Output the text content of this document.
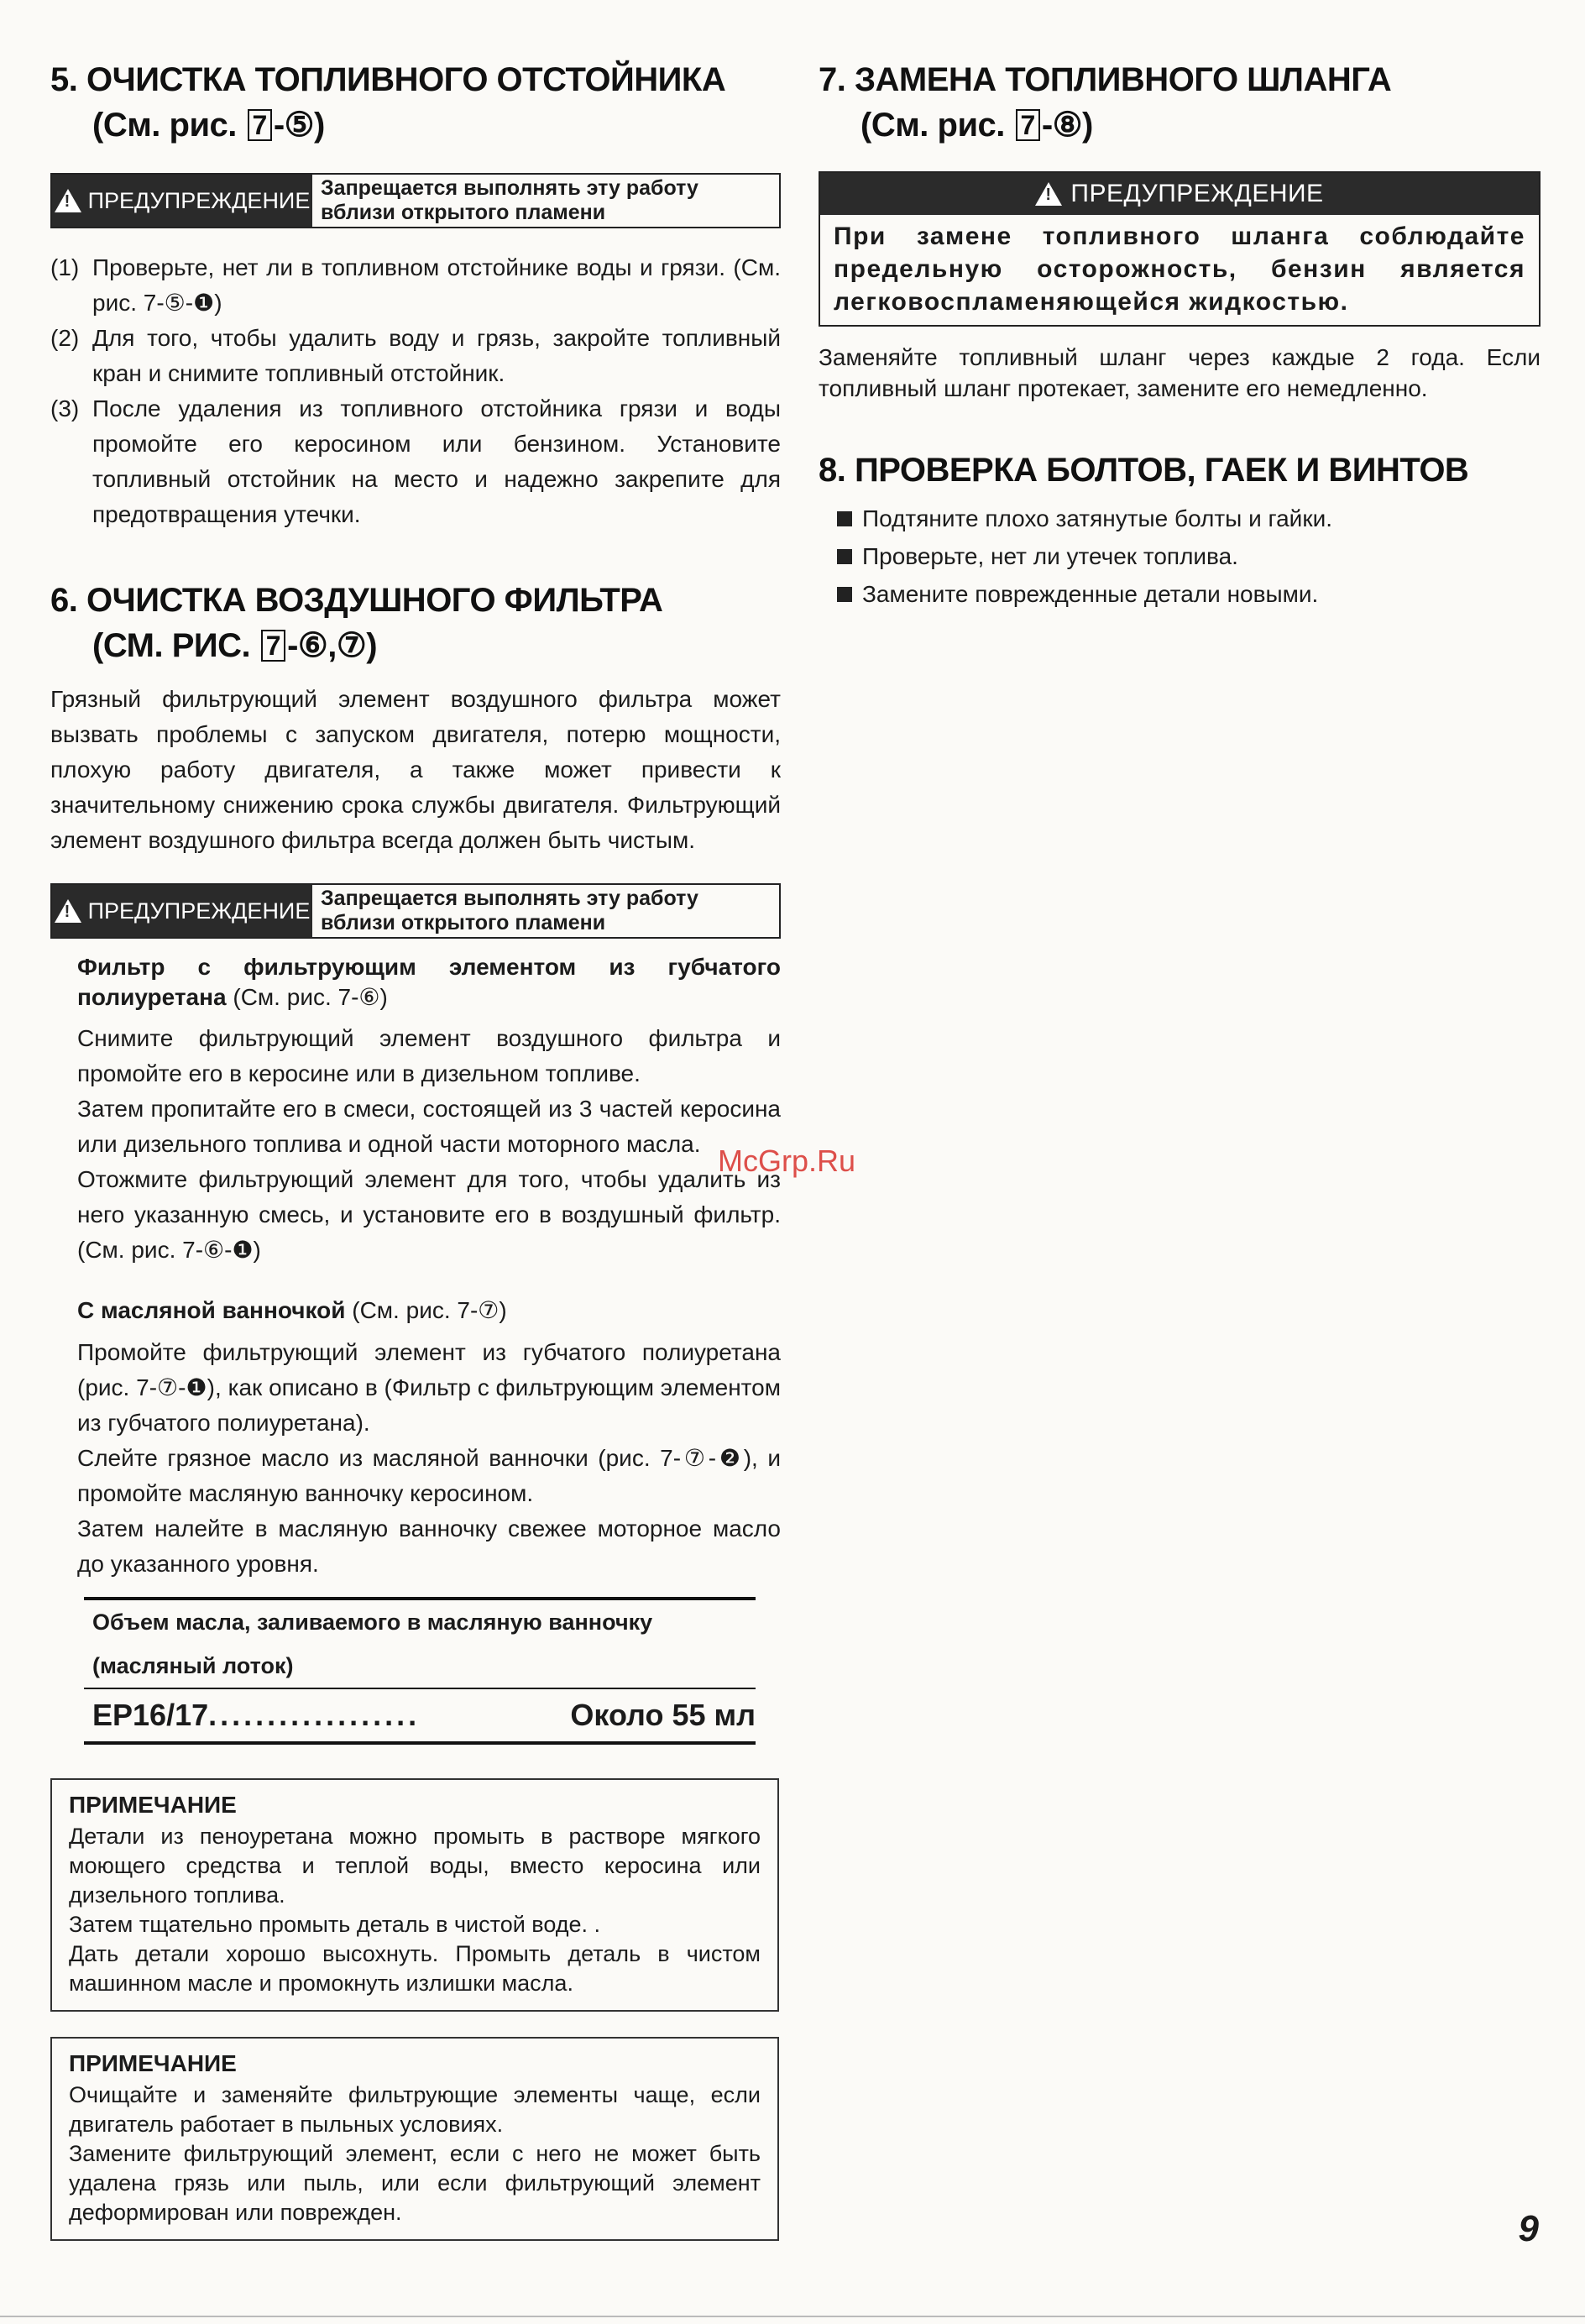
5. ОЧИСТКА ТОПЛИВНОГО ОТСТОЙНИКА
(См. рис. 7 -⑤)
!
ПРЕДУПРЕЖДЕНИЕ Запрещается выполнять эту работу вблизи открытого пламени
(1) Проверьте, нет ли в топливном отстойнике воды и грязи. (См. рис. 7-⑤-❶)
(2) Для того, чтобы удалить воду и грязь, закройте топливный кран и снимите топливный отстойник.
(3) После удаления из топливного отстойника грязи и воды промойте его керосином или бензином. Установите топливный отстойник на место и надежно закрепите для предотвращения утечки.
6. ОЧИСТКА ВОЗДУШНОГО ФИЛЬТРА
(СМ. РИС. 7 -⑥,⑦)

Грязный фильтрующий элемент воздушного фильтра может вызвать проблемы с запуском двигателя, потерю мощности, плохую работу двигателя, а также может привести к значительному снижению срока службы двигателя. Фильтрующий элемент воздушного фильтра всегда должен быть чистым.

!
ПРЕДУПРЕЖДЕНИЕ Запрещается выполнять эту работу вблизи открытого пламени

Фильтр с фильтрующим элементом из губчатого полиуретана (См. рис. 7-⑥)

Снимите фильтрующий элемент воздушного фильтра и промойте его в керосине или в дизельном топливе.

Затем пропитайте его в смеси, состоящей из 3 частей керосина или дизельного топлива и одной части моторного масла.

Отожмите фильтрующий элемент для того, чтобы удалить из него указанную смесь, и установите его в воздушный фильтр. (См. рис. 7-⑥-❶)

С масляной ванночкой (См. рис. 7-⑦)

Промойте фильтрующий элемент из губчатого полиуретана (рис. 7-⑦-❶), как описано в (Фильтр с фильтрующим элементом из губчатого полиуретана).

Слейте грязное масло из масляной ванночки (рис. 7-⑦-❷), и промойте масляную ванночку керосином.

Затем налейте в масляную ванночку свежее моторное масло до указанного уровня.

Объем масла, заливаемого в масляную ванночку (масляный лоток)
EP16/17 ..................	Около 55 мл
ПРИМЕЧАНИЕ
Детали из пеноуретана можно промыть в растворе мягкого моющего средства и теплой воды, вместо керосина или дизельного топлива.
Затем тщательно промыть деталь в чистой воде. .
Дать детали хорошо высохнуть. Промыть деталь в чистом машинном масле и промокнуть излишки масла.
ПРИМЕЧАНИЕ
Очищайте и заменяйте фильтрующие элементы чаще, если двигатель работает в пыльных условиях.
Замените фильтрующий элемент, если с него не может быть удалена грязь или пыль, или если фильтрующий элемент деформирован или поврежден.
7. ЗАМЕНА ТОПЛИВНОГО ШЛАНГА
(См. рис. 7 -⑧)
!
ПРЕДУПРЕЖДЕНИЕ
При замене топливного шланга соблюдайте предельную осторожность, бензин является легковоспламеняющейся жидкостью.

Заменяйте топливный шланг через каждые 2 года. Если топливный шланг протекает, замените его немедленно.

8. ПРОВЕРКА БОЛТОВ, ГАЕК И ВИНТОВ
Подтяните плохо затянутые болты и гайки.
Проверьте, нет ли утечек топлива.
Замените поврежденные детали новыми.
McGrp.Ru
9
